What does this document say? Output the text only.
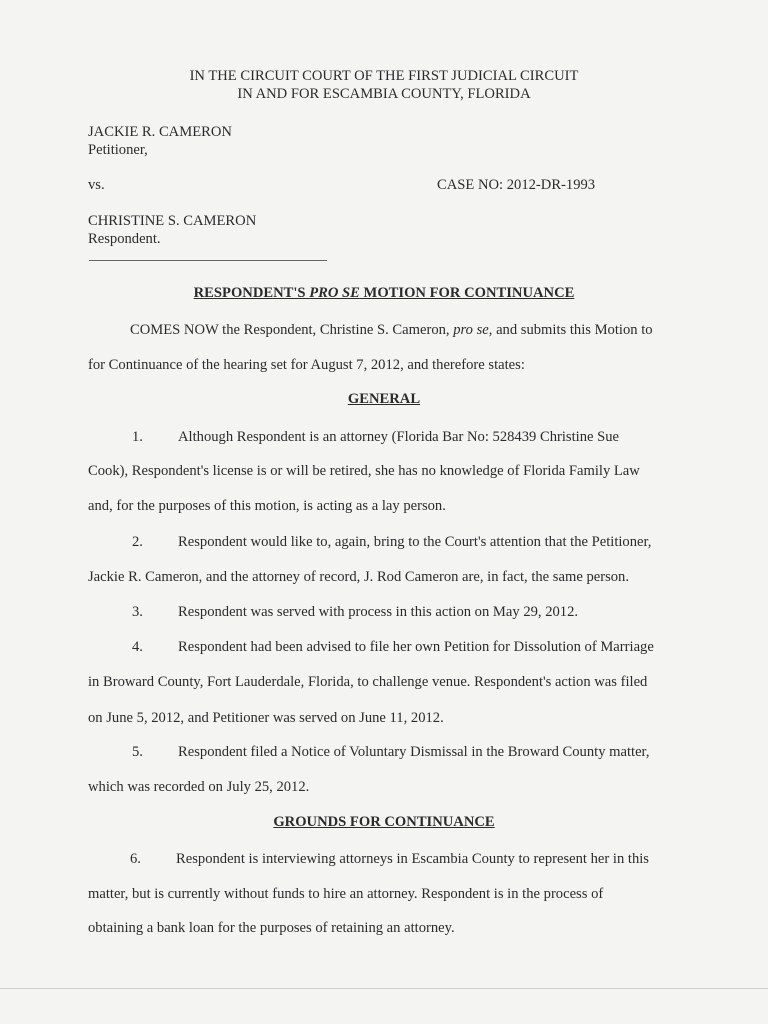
IN THE CIRCUIT COURT OF THE FIRST JUDICIAL CIRCUIT
IN AND FOR ESCAMBIA COUNTY, FLORIDA
JACKIE R. CAMERON
Petitioner,
vs.	CASE NO: 2012-DR-1993
CHRISTINE S. CAMERON
Respondent.
RESPONDENT'S PRO SE MOTION FOR CONTINUANCE
COMES NOW the Respondent, Christine S. Cameron, pro se, and submits this Motion to
for Continuance of the hearing set for August 7, 2012, and therefore states:
GENERAL
1. Although Respondent is an attorney (Florida Bar No: 528439 Christine Sue
Cook), Respondent's license is or will be retired, she has no knowledge of Florida Family Law
and, for the purposes of this motion, is acting as a lay person.
2. Respondent would like to, again, bring to the Court's attention that the Petitioner,
Jackie R. Cameron, and the attorney of record, J. Rod Cameron are, in fact, the same person.
3. Respondent was served with process in this action on May 29, 2012.
4. Respondent had been advised to file her own Petition for Dissolution of Marriage
in Broward County, Fort Lauderdale, Florida, to challenge venue. Respondent's action was filed
on June 5, 2012, and Petitioner was served on June 11, 2012.
5. Respondent filed a Notice of Voluntary Dismissal in the Broward County matter,
which was recorded on July 25, 2012.
GROUNDS FOR CONTINUANCE
6. Respondent is interviewing attorneys in Escambia County to represent her in this
matter, but is currently without funds to hire an attorney. Respondent is in the process of
obtaining a bank loan for the purposes of retaining an attorney.
